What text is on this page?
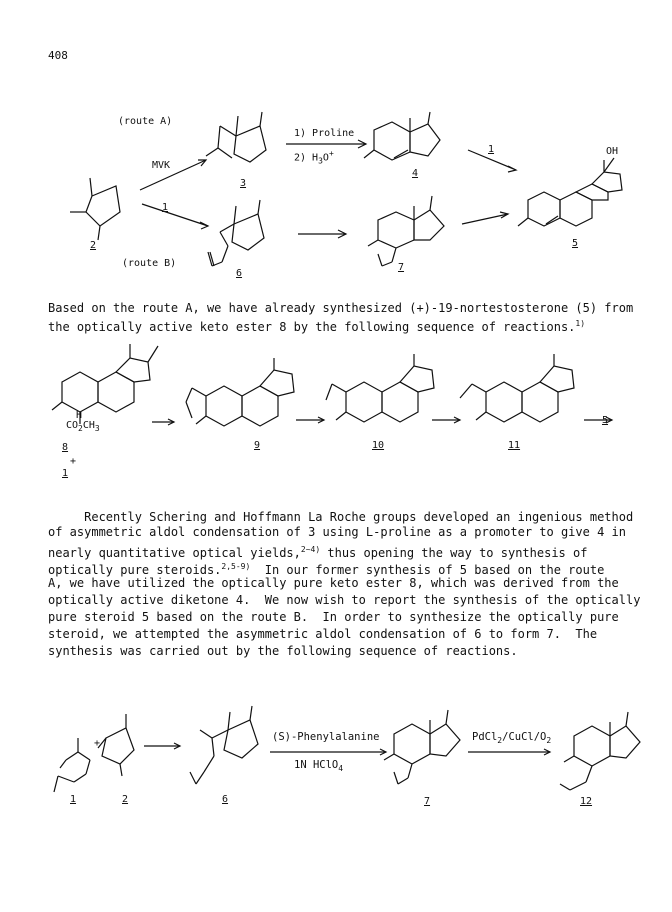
408
(route A)
(route B)
MVK
1
1) Proline
2) $H_3O^+$	1	OH
2
3
4
5
6
7
Based on the route A, we have already synthesized (+)-19-nortestosterone (5) from
the optically active keto ester 8 by the following sequence of reactions.$^{1)}$
$CO_2CH_3$
H
8
+
1
9	10	11
5
Recently Schering and Hoffmann La Roche groups developed an ingenious method
of asymmetric aldol condensation of 3 using L-proline as a promoter to give 4 in
nearly quantitative optical yields,$^{2\sim 4)}$ thus opening the way to synthesis of
optically pure steroids.$^{2,5-9)}$  In our former synthesis of 5 based on the route
A, we have utilized the optically pure keto ester 8, which was derived from the
optically active diketone 4.  We now wish to report the synthesis of the optically
pure steroid 5 based on the route B.  In order to synthesize the optically pure
steroid, we attempted the asymmetric aldol condensation of 6 to form 7.  The
synthesis was carried out by the following sequence of reactions.
+
(S)-Phenylalanine
1N HClO$_4$
$PdCl_2/CuCl/O_2$
1	2	6	7	12
